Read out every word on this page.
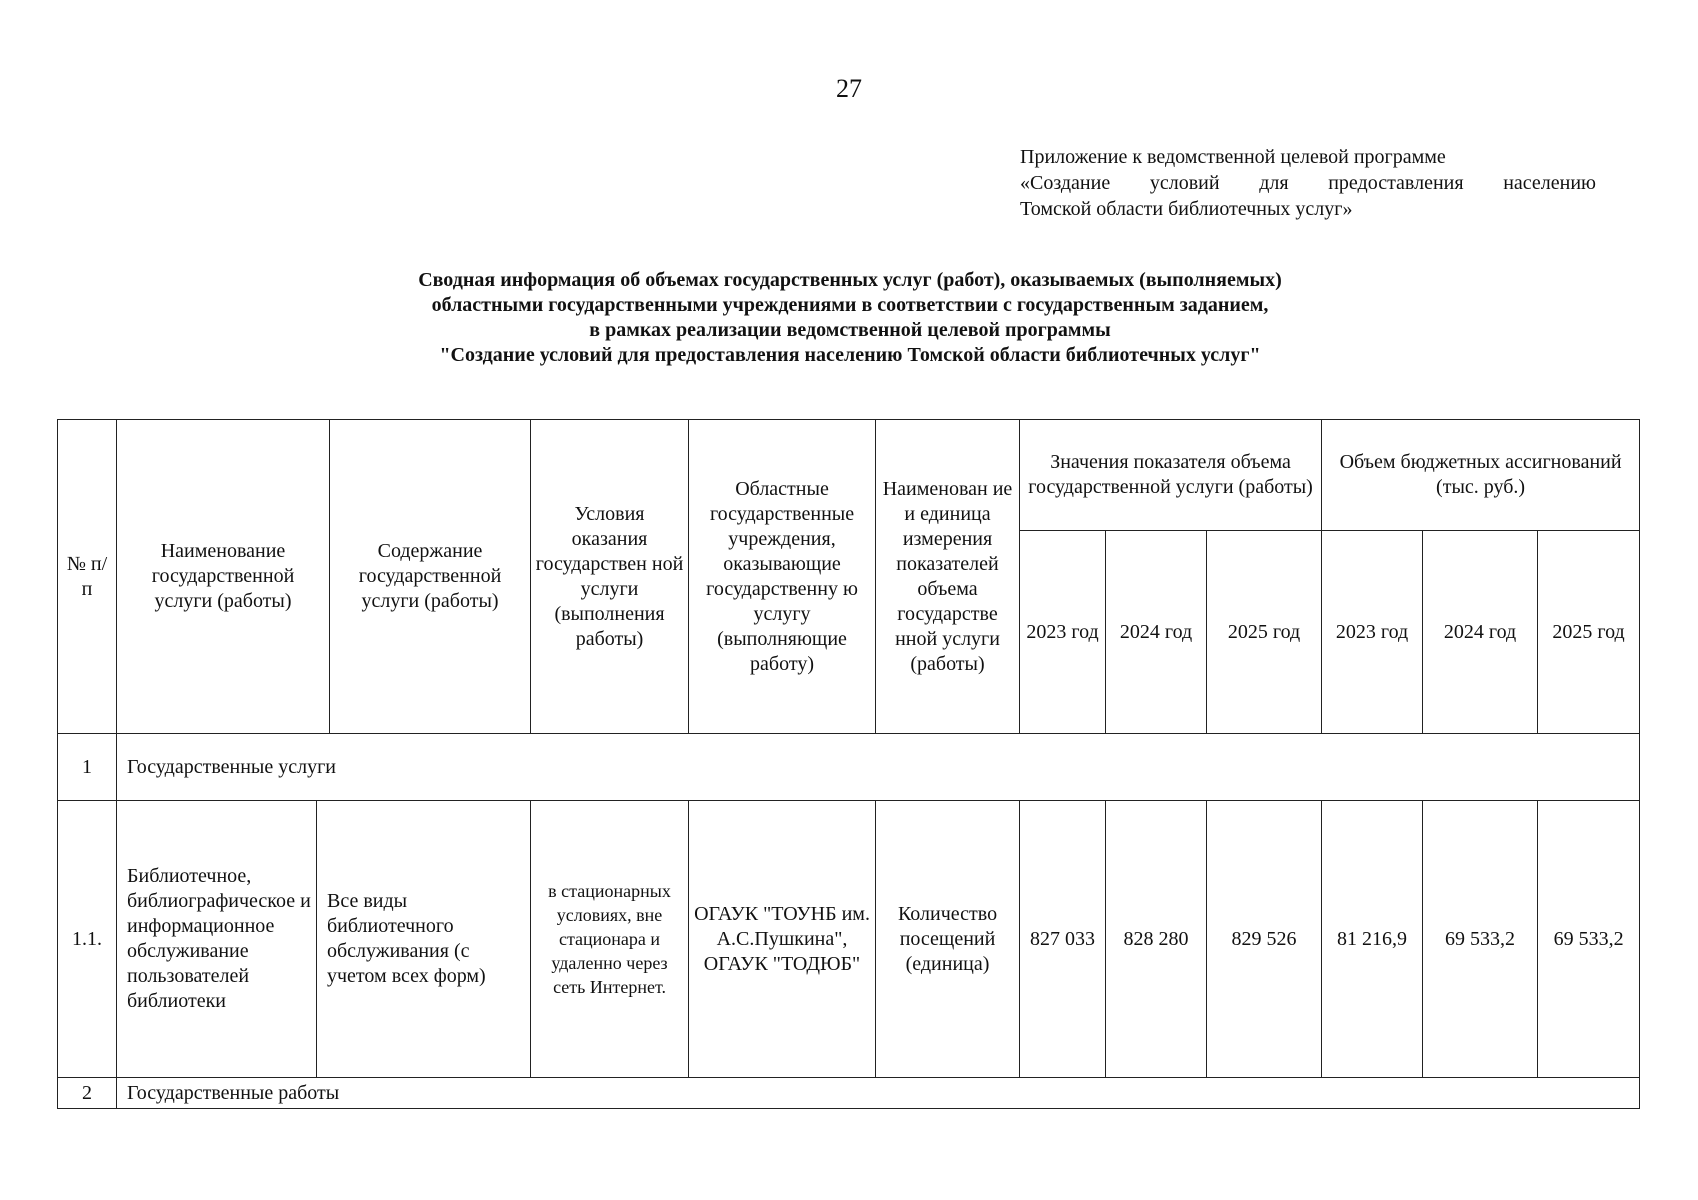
27
Приложение к ведомственной целевой программе
«Создание условий для предоставления населению
Томской области библиотечных услуг»
Сводная информация об объемах государственных услуг (работ), оказываемых (выполняемых)
областными государственными учреждениями в соответствии с государственным заданием,
в рамках реализации ведомственной целевой программы
"Создание условий для предоставления населению Томской области библиотечных услуг"
№ п/п	Наименование государственной услуги (работы)		Содержание государственной услуги (работы)	Условия оказания государствен ной услуги (выполнения работы)	Областные государственные учреждения, оказывающие государственну ю услугу (выполняющие работу)	Наименован ие и единица измерения показателей объема государстве нной услуги (работы)	Значения показателя объема государственной услуги (работы)			Объем бюджетных ассигнований (тыс. руб.)		
							2023 год	2024 год	2025 год	2023 год	2024 год	2025 год
1	Государственные услуги											
1.1.	Библиотечное, библиографическое и информационное обслуживание пользователей библиотеки	Все виды библиотечного обслуживания (с учетом всех форм)		в стационарных условиях, вне стационара и удаленно через сеть Интернет.	ОГАУК "ТОУНБ им. А.С.Пушкина", ОГАУК "ТОДЮБ"	Количество посещений (единица)	827 033	828 280	829 526	81 216,9	69 533,2	69 533,2
2	Государственные работы											
